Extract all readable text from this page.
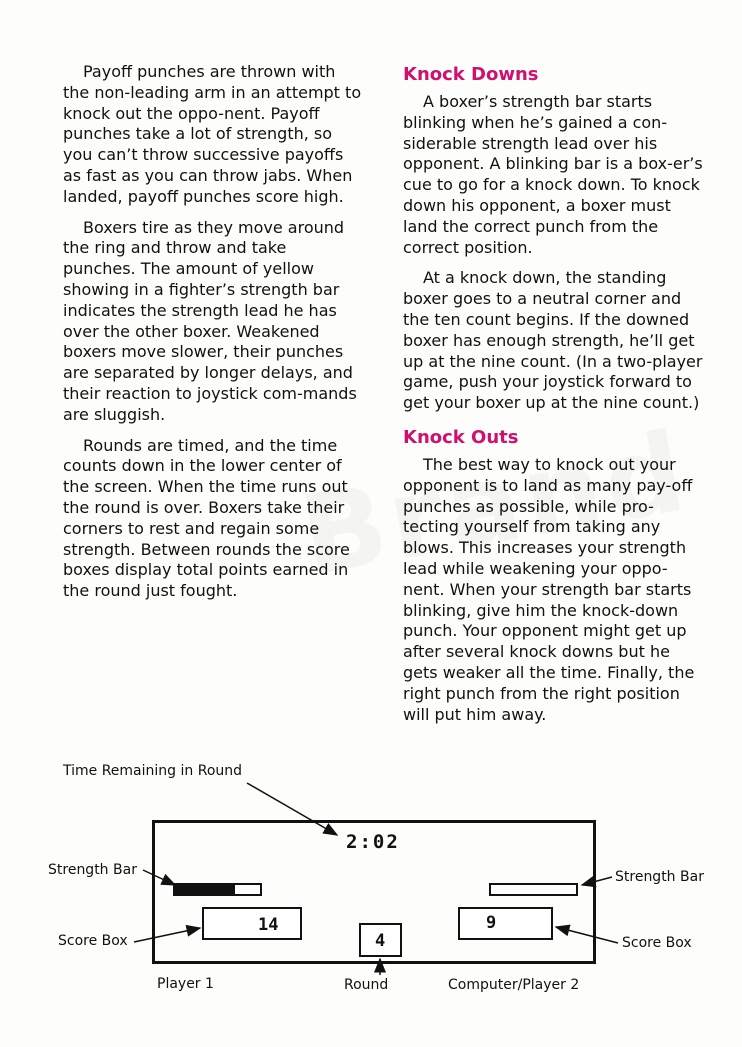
Payoff punches are thrown with the non-leading arm in an attempt to knock out the oppo-nent. Payoff punches take a lot of strength, so you can’t throw successive payoffs as fast as you can throw jabs. When landed, payoff punches score high.

Boxers tire as they move around the ring and throw and take punches. The amount of yellow showing in a fighter’s strength bar indicates the strength lead he has over the other boxer. Weakened boxers move slower, their punches are separated by longer delays, and their reaction to joystick com-mands are sluggish.

Rounds are timed, and the time counts down in the lower center of the screen. When the time runs out the round is over. Boxers take their corners to rest and regain some strength. Between rounds the score boxes display total points earned in the round just fought.

Knock Downs

A boxer’s strength bar starts blinking when he’s gained a con-siderable strength lead over his opponent. A blinking bar is a box-er’s cue to go for a knock down. To knock down his opponent, a boxer must land the correct punch from the correct position.

At a knock down, the standing boxer goes to a neutral corner and the ten count begins. If the downed boxer has enough strength, he’ll get up at the nine count. (In a two-player game, push your joystick forward to get your boxer up at the nine count.)

Knock Outs

The best way to knock out your opponent is to land as many pay-off punches as possible, while pro-tecting yourself from taking any blows. This increases your strength lead while weakening your oppo-nent. When your strength bar starts blinking, give him the knock-down punch. Your opponent might get up after several knock downs but he gets weaker all the time. Finally, the right punch from the right position will put him away.

Time Remaining in Round
Strength Bar	Strength Bar
Score Box	Score Box
Player 1	Round	Computer/Player 2
2:02
14	9
4
